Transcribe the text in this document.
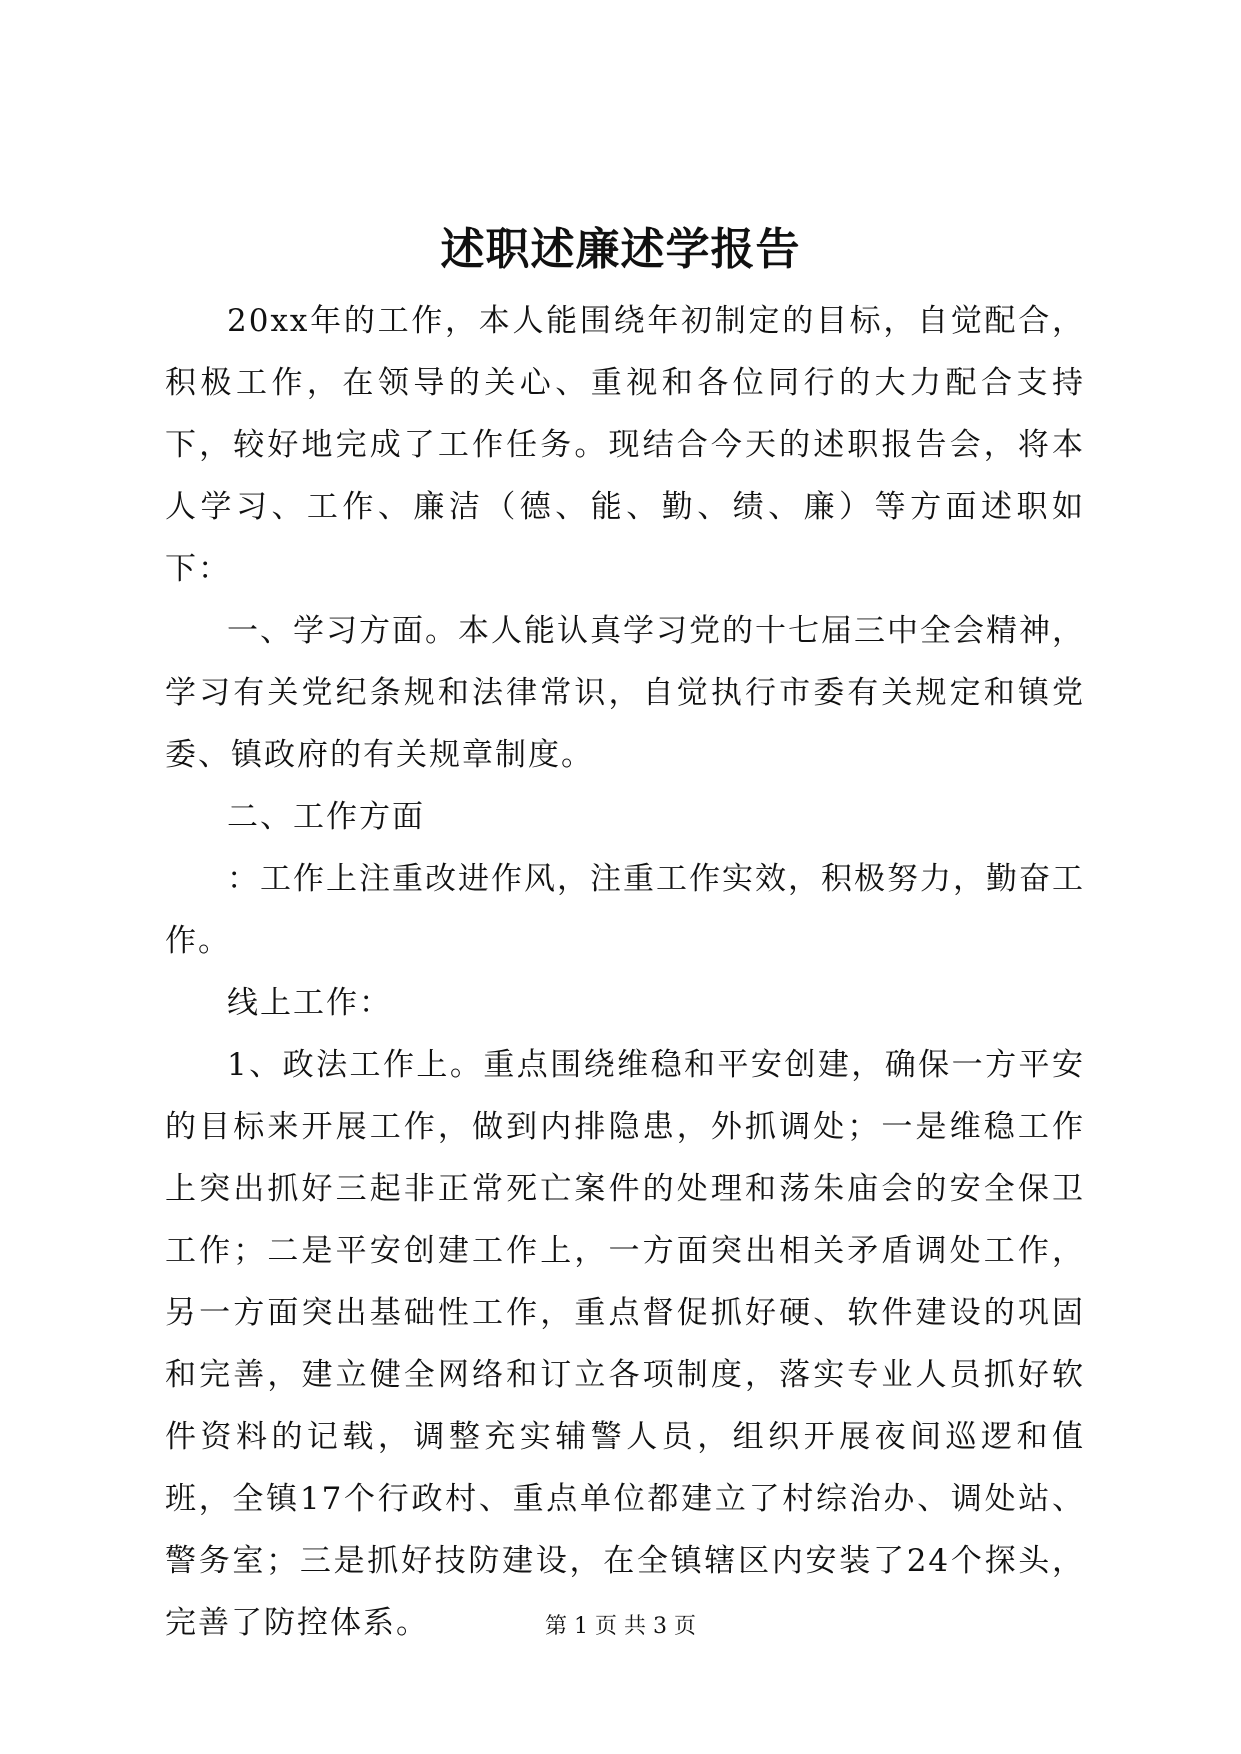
述职述廉述学报告

20xx年的工作，本人能围绕年初制定的目标，自觉配合，积极工作，在领导的关心、重视和各位同行的大力配合支持下，较好地完成了工作任务。现结合今天的述职报告会，将本人学习、工作、廉洁（德、能、勤、绩、廉）等方面述职如下：

一、学习方面。本人能认真学习党的十七届三中全会精神，学习有关党纪条规和法律常识，自觉执行市委有关规定和镇党委、镇政府的有关规章制度。

二、工作方面

：工作上注重改进作风，注重工作实效，积极努力，勤奋工作。

线上工作：

1、政法工作上。重点围绕维稳和平安创建，确保一方平安的目标来开展工作，做到内排隐患，外抓调处；一是维稳工作上突出抓好三起非正常死亡案件的处理和荡朱庙会的安全保卫工作；二是平安创建工作上，一方面突出相关矛盾调处工作，另一方面突出基础性工作，重点督促抓好硬、软件建设的巩固和完善，建立健全网络和订立各项制度，落实专业人员抓好软件资料的记载，调整充实辅警人员，组织开展夜间巡逻和值班，全镇17个行政村、重点单位都建立了村综治办、调处站、警务室；三是抓好技防建设，在全镇辖区内安装了24个探头，完善了防控体系。	第 1 页 共 3 页
